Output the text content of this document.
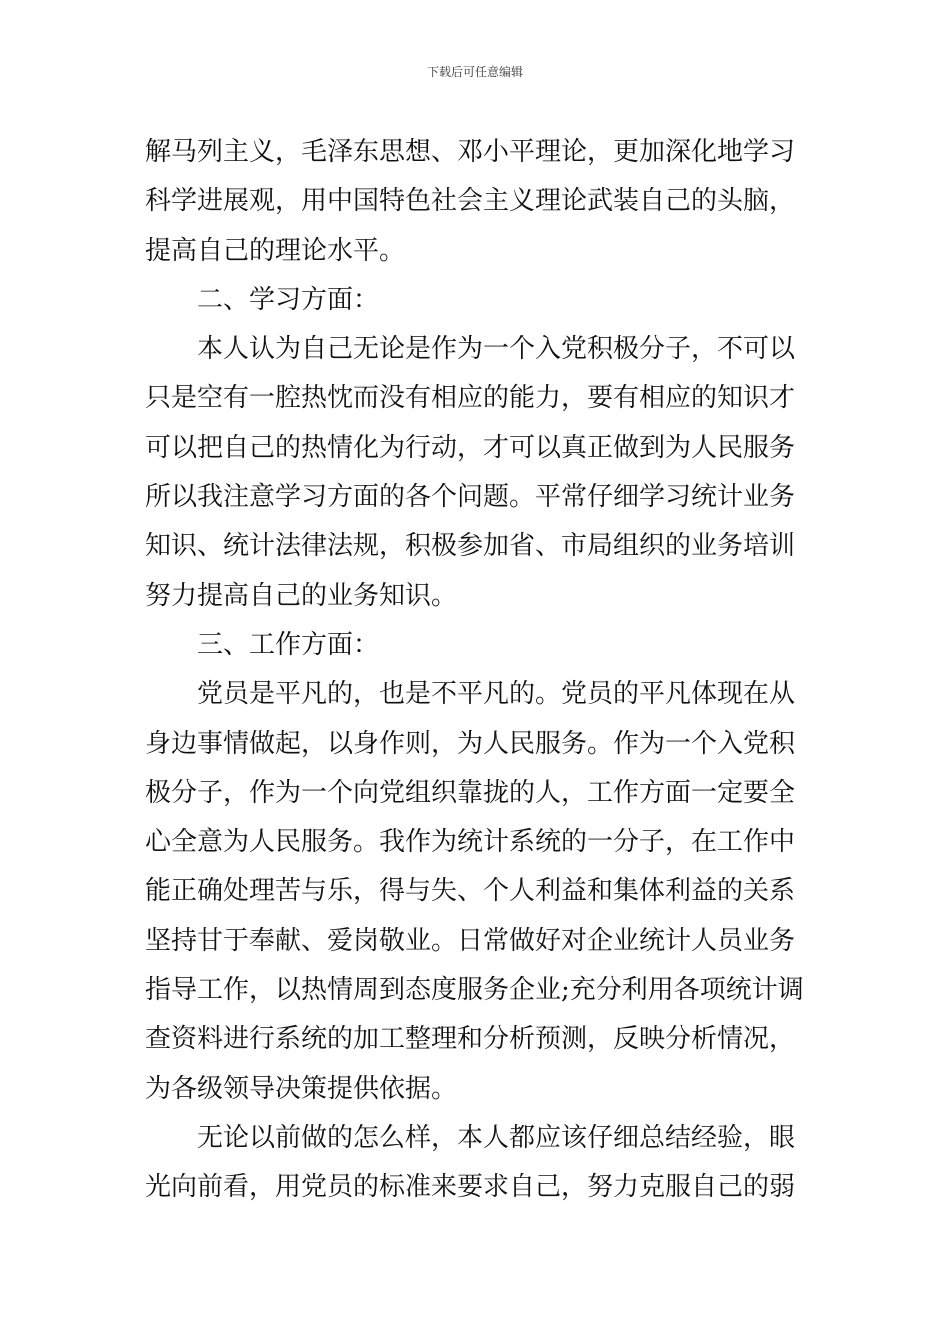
下载后可任意编辑
解马列主义，毛泽东思想、邓小平理论，更加深化地学习
科学进展观，用中国特色社会主义理论武装自己的头脑，
提高自己的理论水平。
二、学习方面：
本人认为自己无论是作为一个入党积极分子，不可以
只是空有一腔热忱而没有相应的能力，要有相应的知识才
可以把自己的热情化为行动，才可以真正做到为人民服务
所以我注意学习方面的各个问题。平常仔细学习统计业务
知识、统计法律法规，积极参加省、市局组织的业务培训
努力提高自己的业务知识。
三、工作方面：
党员是平凡的，也是不平凡的。党员的平凡体现在从
身边事情做起，以身作则，为人民服务。作为一个入党积
极分子，作为一个向党组织靠拢的人，工作方面一定要全
心全意为人民服务。我作为统计系统的一分子，在工作中
能正确处理苦与乐，得与失、个人利益和集体利益的关系
坚持甘于奉献、爱岗敬业。日常做好对企业统计人员业务
指导工作，以热情周到态度服务企业;充分利用各项统计调
查资料进行系统的加工整理和分析预测，反映分析情况，
为各级领导决策提供依据。
无论以前做的怎么样，本人都应该仔细总结经验，眼
光向前看，用党员的标准来要求自己，努力克服自己的弱
